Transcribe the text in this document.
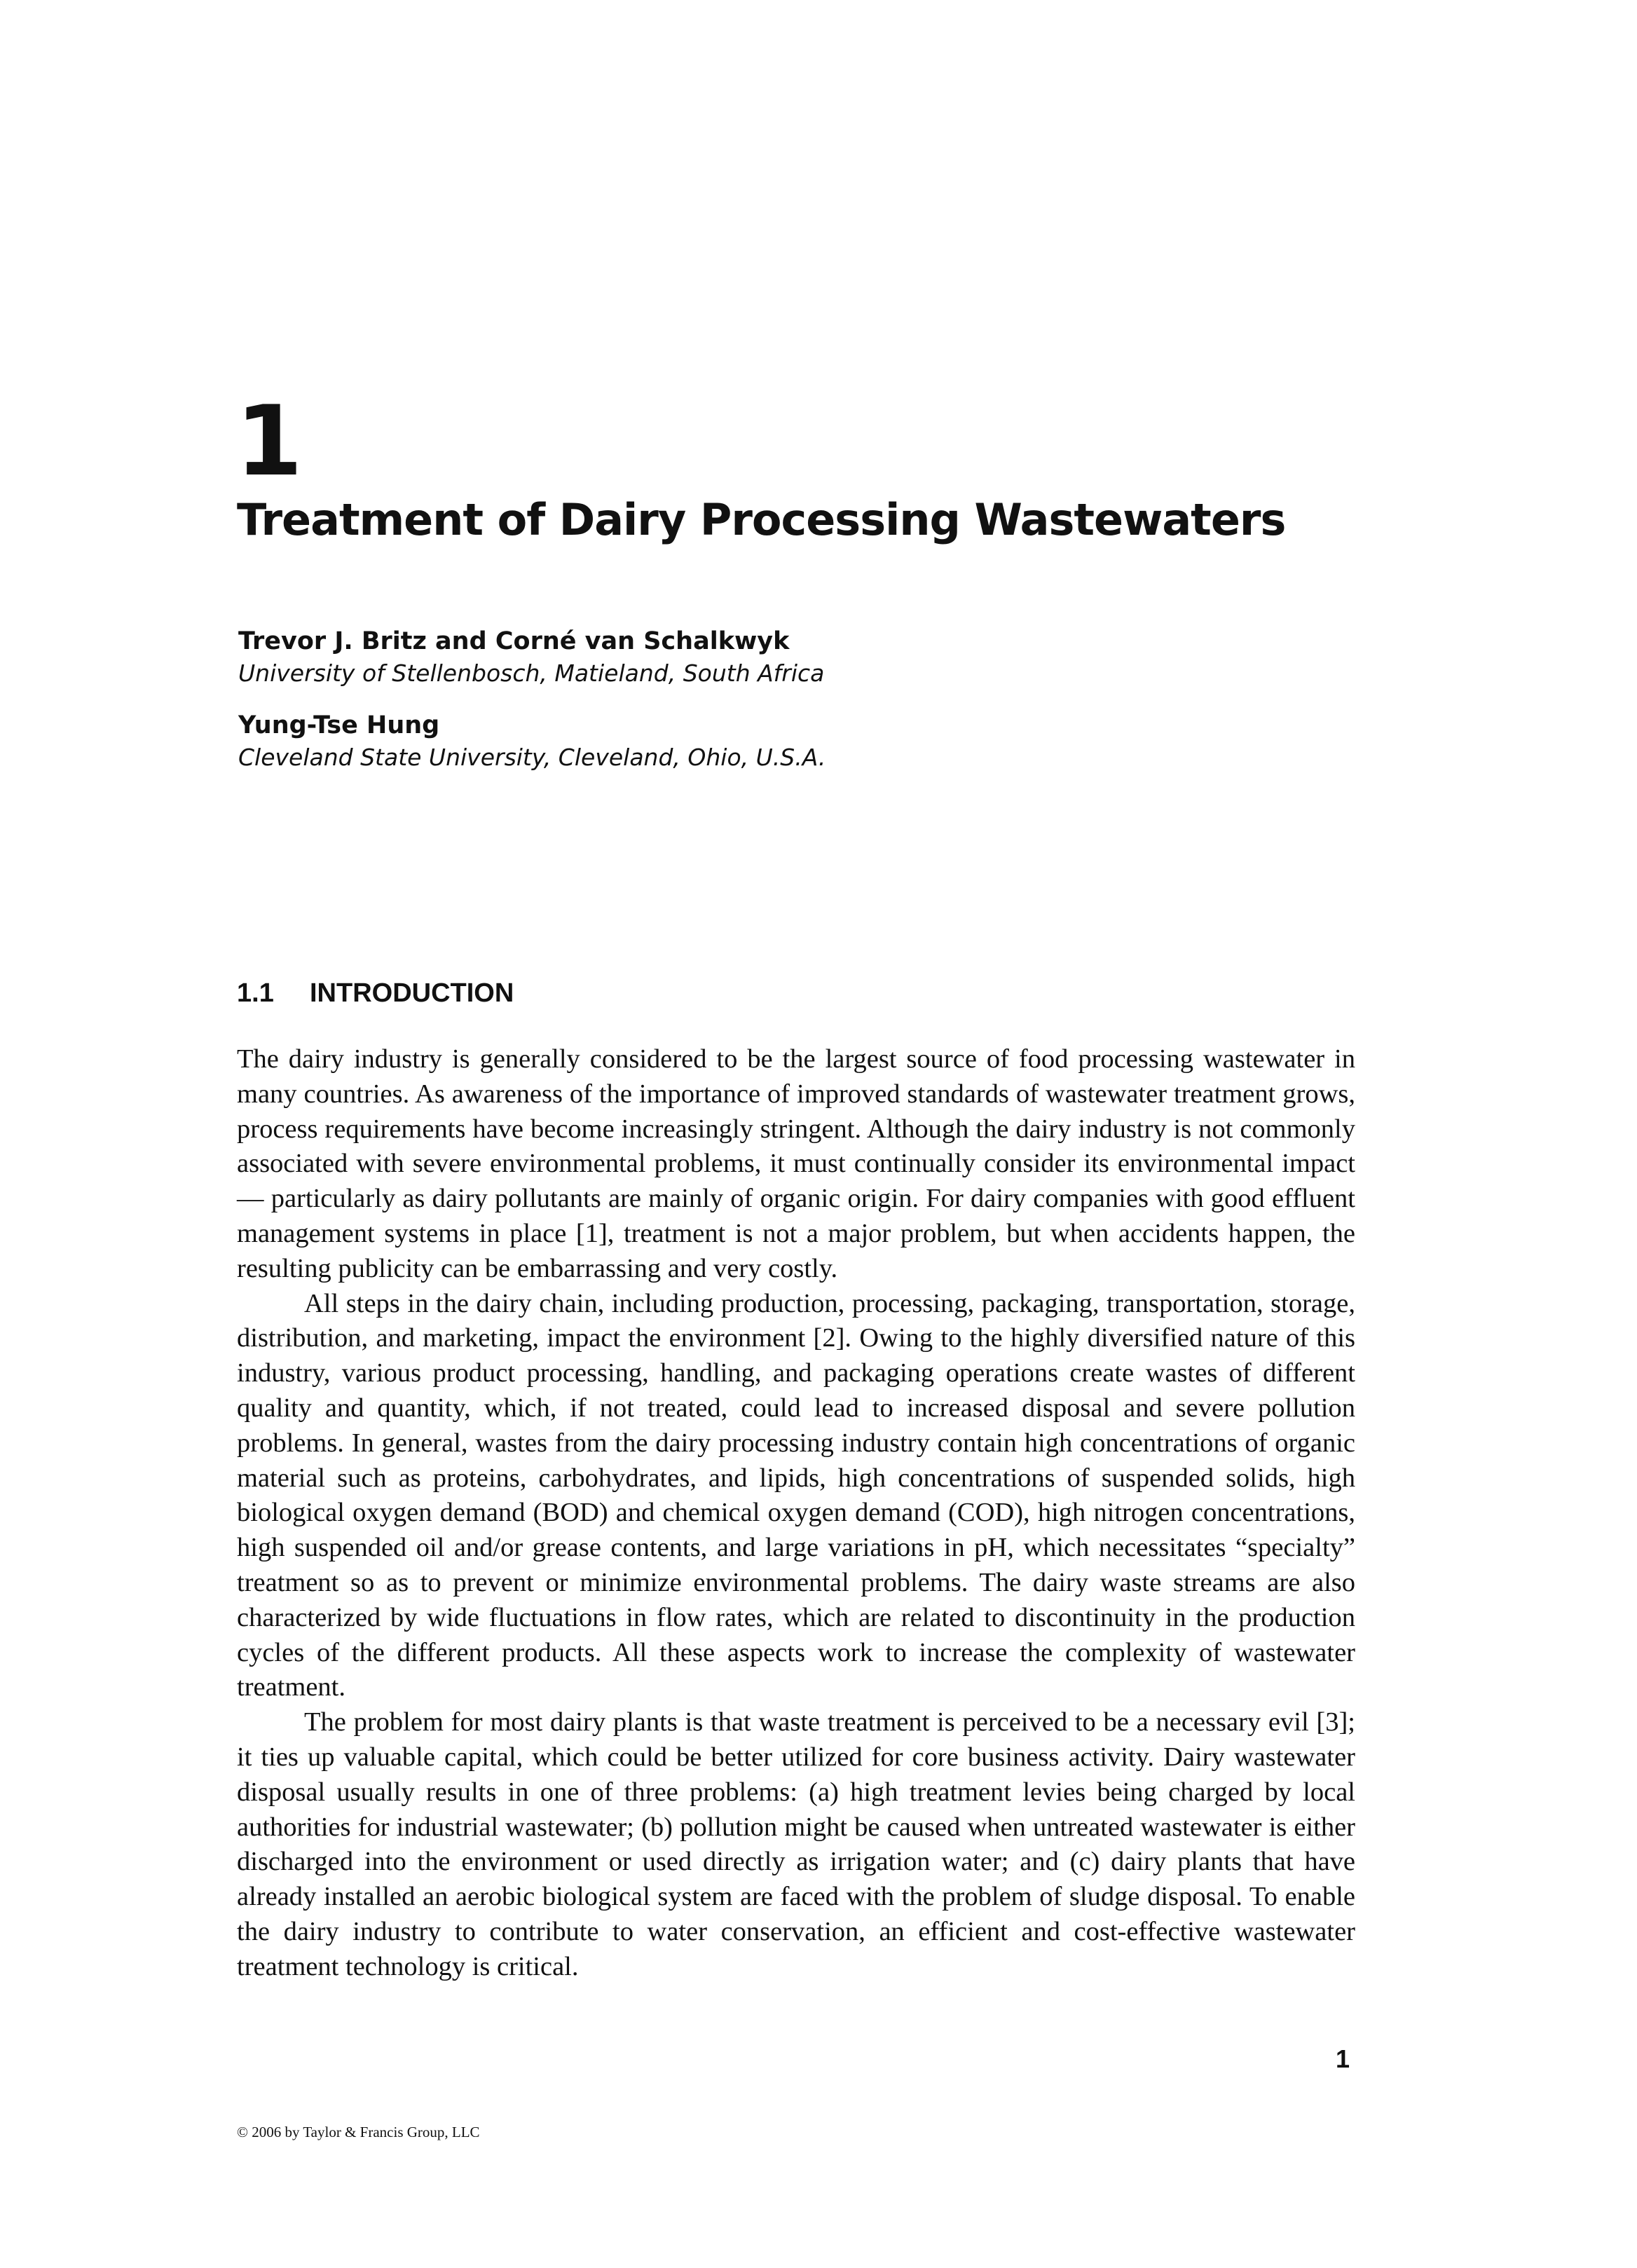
1
Treatment of Dairy Processing Wastewaters
Trevor J. Britz and Corné van Schalkwyk
University of Stellenbosch, Matieland, South Africa
Yung-Tse Hung
Cleveland State University, Cleveland, Ohio, U.S.A.
1.1 INTRODUCTION

The dairy industry is generally considered to be the largest source of food processing wastewater in many countries. As awareness of the importance of improved standards of wastewater treatment grows, process requirements have become increasingly stringent. Although the dairy industry is not commonly associated with severe environmental problems, it must continually consider its environmental impact — particularly as dairy pollutants are mainly of organic origin. For dairy companies with good effluent management systems in place [1], treatment is not a major problem, but when accidents happen, the resulting publicity can be embarrassing and very costly.

All steps in the dairy chain, including production, processing, packaging, transportation, storage, distribution, and marketing, impact the environment [2]. Owing to the highly diversified nature of this industry, various product processing, handling, and packaging operations create wastes of different quality and quantity, which, if not treated, could lead to increased disposal and severe pollution problems. In general, wastes from the dairy processing industry contain high concentrations of organic material such as proteins, carbohydrates, and lipids, high concentrations of suspended solids, high biological oxygen demand (BOD) and chemical oxygen demand (COD), high nitrogen concentrations, high suspended oil and/or grease contents, and large variations in pH, which necessitates “specialty” treatment so as to prevent or minimize environmental problems. The dairy waste streams are also characterized by wide fluctuations in flow rates, which are related to discontinuity in the production cycles of the different products. All these aspects work to increase the complexity of wastewater treatment.

The problem for most dairy plants is that waste treatment is perceived to be a necessary evil [3]; it ties up valuable capital, which could be better utilized for core business activity. Dairy wastewater disposal usually results in one of three problems: (a) high treatment levies being charged by local authorities for industrial wastewater; (b) pollution might be caused when untreated wastewater is either discharged into the environment or used directly as irrigation water; and (c) dairy plants that have already installed an aerobic biological system are faced with the problem of sludge disposal. To enable the dairy industry to contribute to water conservation, an efficient and cost-effective wastewater treatment technology is critical.

1
© 2006 by Taylor & Francis Group, LLC
